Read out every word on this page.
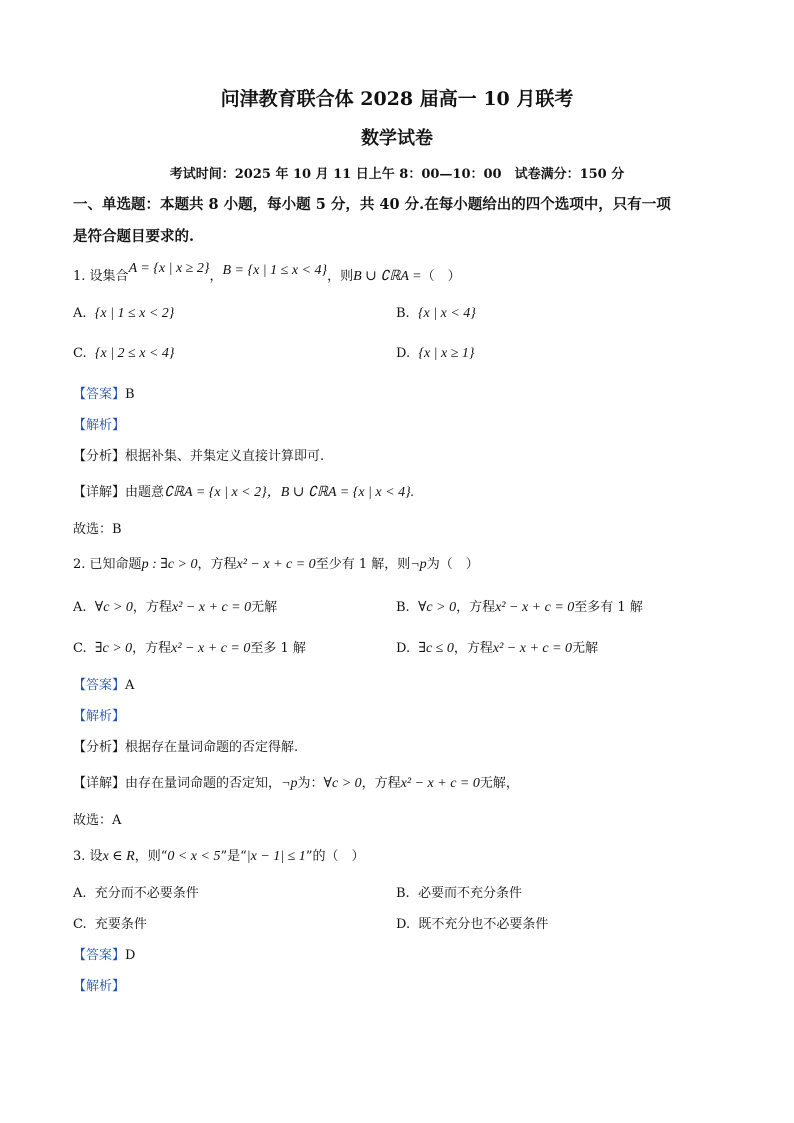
问津教育联合体 2028 届高一 10 月联考
数学试卷
考试时间：2025 年 10 月 11 日上午 8：00—10：00　试卷满分：150 分
一、单选题：本题共 8 小题，每小题 5 分，共 40 分.在每小题给出的四个选项中，只有一项
是符合题目要求的.
1. 设集合A = {x | x ≥ 2}，B = {x | 1 ≤ x < 4}，则B ∪ ∁ℝA =（　）
A. {x | 1 ≤ x < 2}	B. {x | x < 4}
C. {x | 2 ≤ x < 4}	D. {x | x ≥ 1}
【答案】B
【解析】
【分析】根据补集、并集定义直接计算即可.
【详解】由题意∁ℝA = {x | x < 2}，B ∪ ∁ℝA = {x | x < 4}.
故选：B
2. 已知命题p : ∃c > 0，方程x² − x + c = 0至少有 1 解，则¬p为（　）
A. ∀c > 0，方程x² − x + c = 0无解	B. ∀c > 0，方程x² − x + c = 0至多有 1 解
C. ∃c > 0，方程x² − x + c = 0至多 1 解	D. ∃c ≤ 0，方程x² − x + c = 0无解
【答案】A
【解析】
【分析】根据存在量词命题的否定得解.
【详解】由存在量词命题的否定知，¬p为：∀c > 0，方程x² − x + c = 0无解，
故选：A
3. 设x ∈ R，则“0 < x < 5”是“|x − 1| ≤ 1”的（　）
A. 充分而不必要条件	B. 必要而不充分条件
C. 充要条件	D. 既不充分也不必要条件
【答案】D
【解析】
